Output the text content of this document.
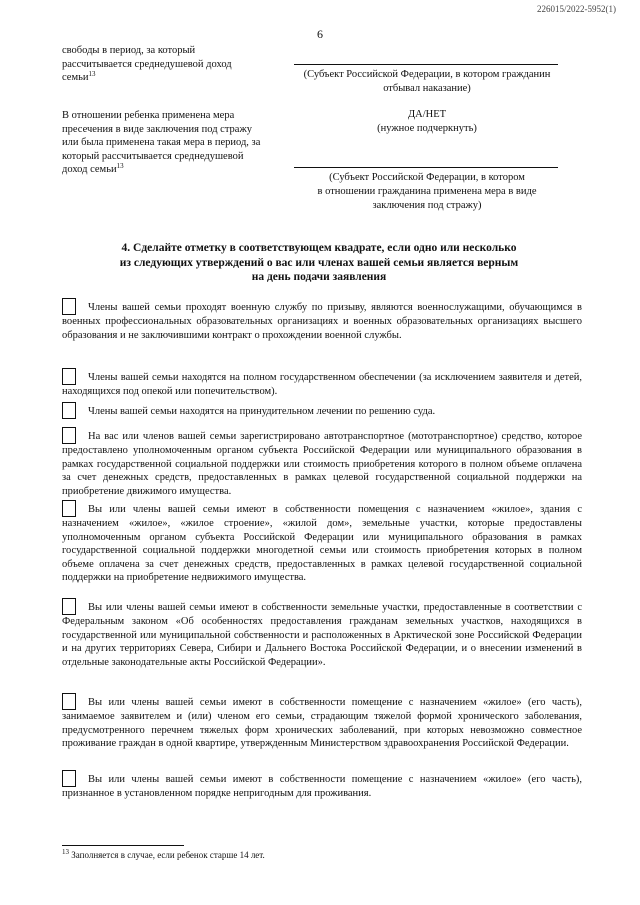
226015/2022-5952(1)
6
свободы в период, за который
рассчитывается среднедушевой доход
семьи$^{13}$	(Субъект Российской Федерации, в котором гражданин
отбывал наказание)
В отношении ребенка применена мера
пресечения в виде заключения под стражу
или была применена такая мера в период, за
который рассчитывается среднедушевой
доход семьи$^{13}$
ДА/НЕТ
(нужное подчеркнуть)
(Субъект Российской Федерации, в котором
в отношении гражданина применена мера в виде
заключения под стражу)
4. Сделайте отметку в соответствующем квадрате, если одно или несколько
из следующих утверждений о вас или членах вашей семьи является верным
на день подачи заявления
Члены вашей семьи проходят военную службу по призыву, являются военнослужащими, обучающимся в военных профессиональных образовательных организациях и военных образовательных организациях высшего образования и не заключившими контракт о прохождении военной службы.
Члены вашей семьи находятся на полном государственном обеспечении (за исключением заявителя и детей, находящихся под опекой или попечительством).
Члены вашей семьи находятся на принудительном лечении по решению суда.
На вас или членов вашей семьи зарегистрировано автотранспортное (мототранспортное) средство, которое предоставлено уполномоченным органом субъекта Российской Федерации или муниципального образования в рамках государственной социальной поддержки или стоимость приобретения которого в полном объеме оплачена за счет денежных средств, предоставленных в рамках целевой государственной социальной поддержки на приобретение движимого имущества.
Вы или члены вашей семьи имеют в собственности помещения с назначением «жилое», здания с назначением «жилое», «жилое строение», «жилой дом», земельные участки, которые предоставлены уполномоченным органом субъекта Российской Федерации или муниципального образования в рамках государственной социальной поддержки многодетной семьи или стоимость приобретения которых в полном объеме оплачена за счет денежных средств, предоставленных в рамках целевой государственной социальной поддержки на приобретение недвижимого имущества.
Вы или члены вашей семьи имеют в собственности земельные участки, предоставленные в соответствии с Федеральным законом «Об особенностях предоставления гражданам земельных участков, находящихся в государственной или муниципальной собственности и расположенных в Арктической зоне Российской Федерации и на других территориях Севера, Сибири и Дальнего Востока Российской Федерации, и о внесении изменений в отдельные законодательные акты Российской Федерации».
Вы или члены вашей семьи имеют в собственности помещение с назначением «жилое» (его часть), занимаемое заявителем и (или) членом его семьи, страдающим тяжелой формой хронического заболевания, предусмотренного перечнем тяжелых форм хронических заболеваний, при которых невозможно совместное проживание граждан в одной квартире, утвержденным Министерством здравоохранения Российской Федерации.
Вы или члены вашей семьи имеют в собственности помещение с назначением «жилое» (его часть), признанное в установленном порядке непригодным для проживания.
$^{13}$ Заполняется в случае, если ребенок старше 14 лет.
